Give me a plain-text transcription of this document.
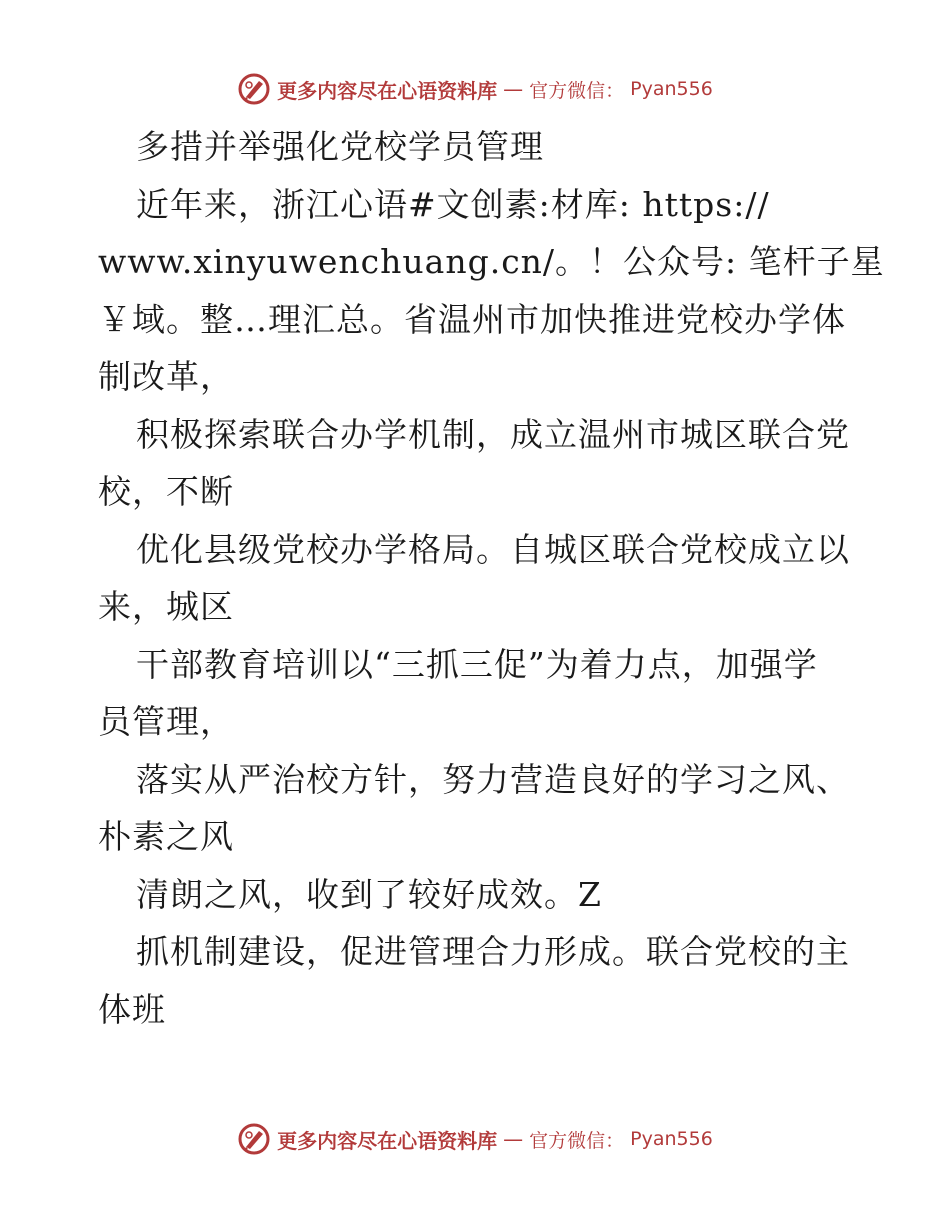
更多内容尽在心语资料库 — 官方微信： Pyan556
多措并举强化党校学员管理
近年来，浙江心语#文创素:材库: https://
www.xinyuwenchuang.cn/。！公众号: 笔杆子星
￥域。整…理汇总。省温州市加快推进党校办学体
制改革，
积极探索联合办学机制，成立温州市城区联合党
校，不断
优化县级党校办学格局。自城区联合党校成立以
来，城区
干部教育培训以“三抓三促”为着力点，加强学
员管理，
落实从严治校方针，努力营造良好的学习之风、
朴素之风
清朗之风，收到了较好成效。Z
抓机制建设，促进管理合力形成。联合党校的主
体班
更多内容尽在心语资料库 — 官方微信： Pyan556
